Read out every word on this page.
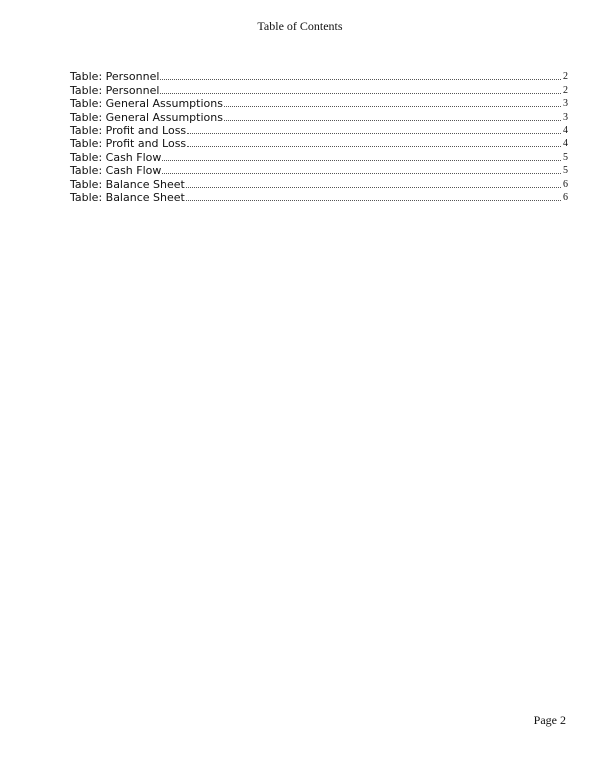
Table of Contents
Table: Personnel	2
Table: Personnel	2
Table: General Assumptions	3
Table: General Assumptions	3
Table: Profit and Loss	4
Table: Profit and Loss	4
Table: Cash Flow	5
Table: Cash Flow	5
Table: Balance Sheet	6
Table: Balance Sheet	6
Page 2
